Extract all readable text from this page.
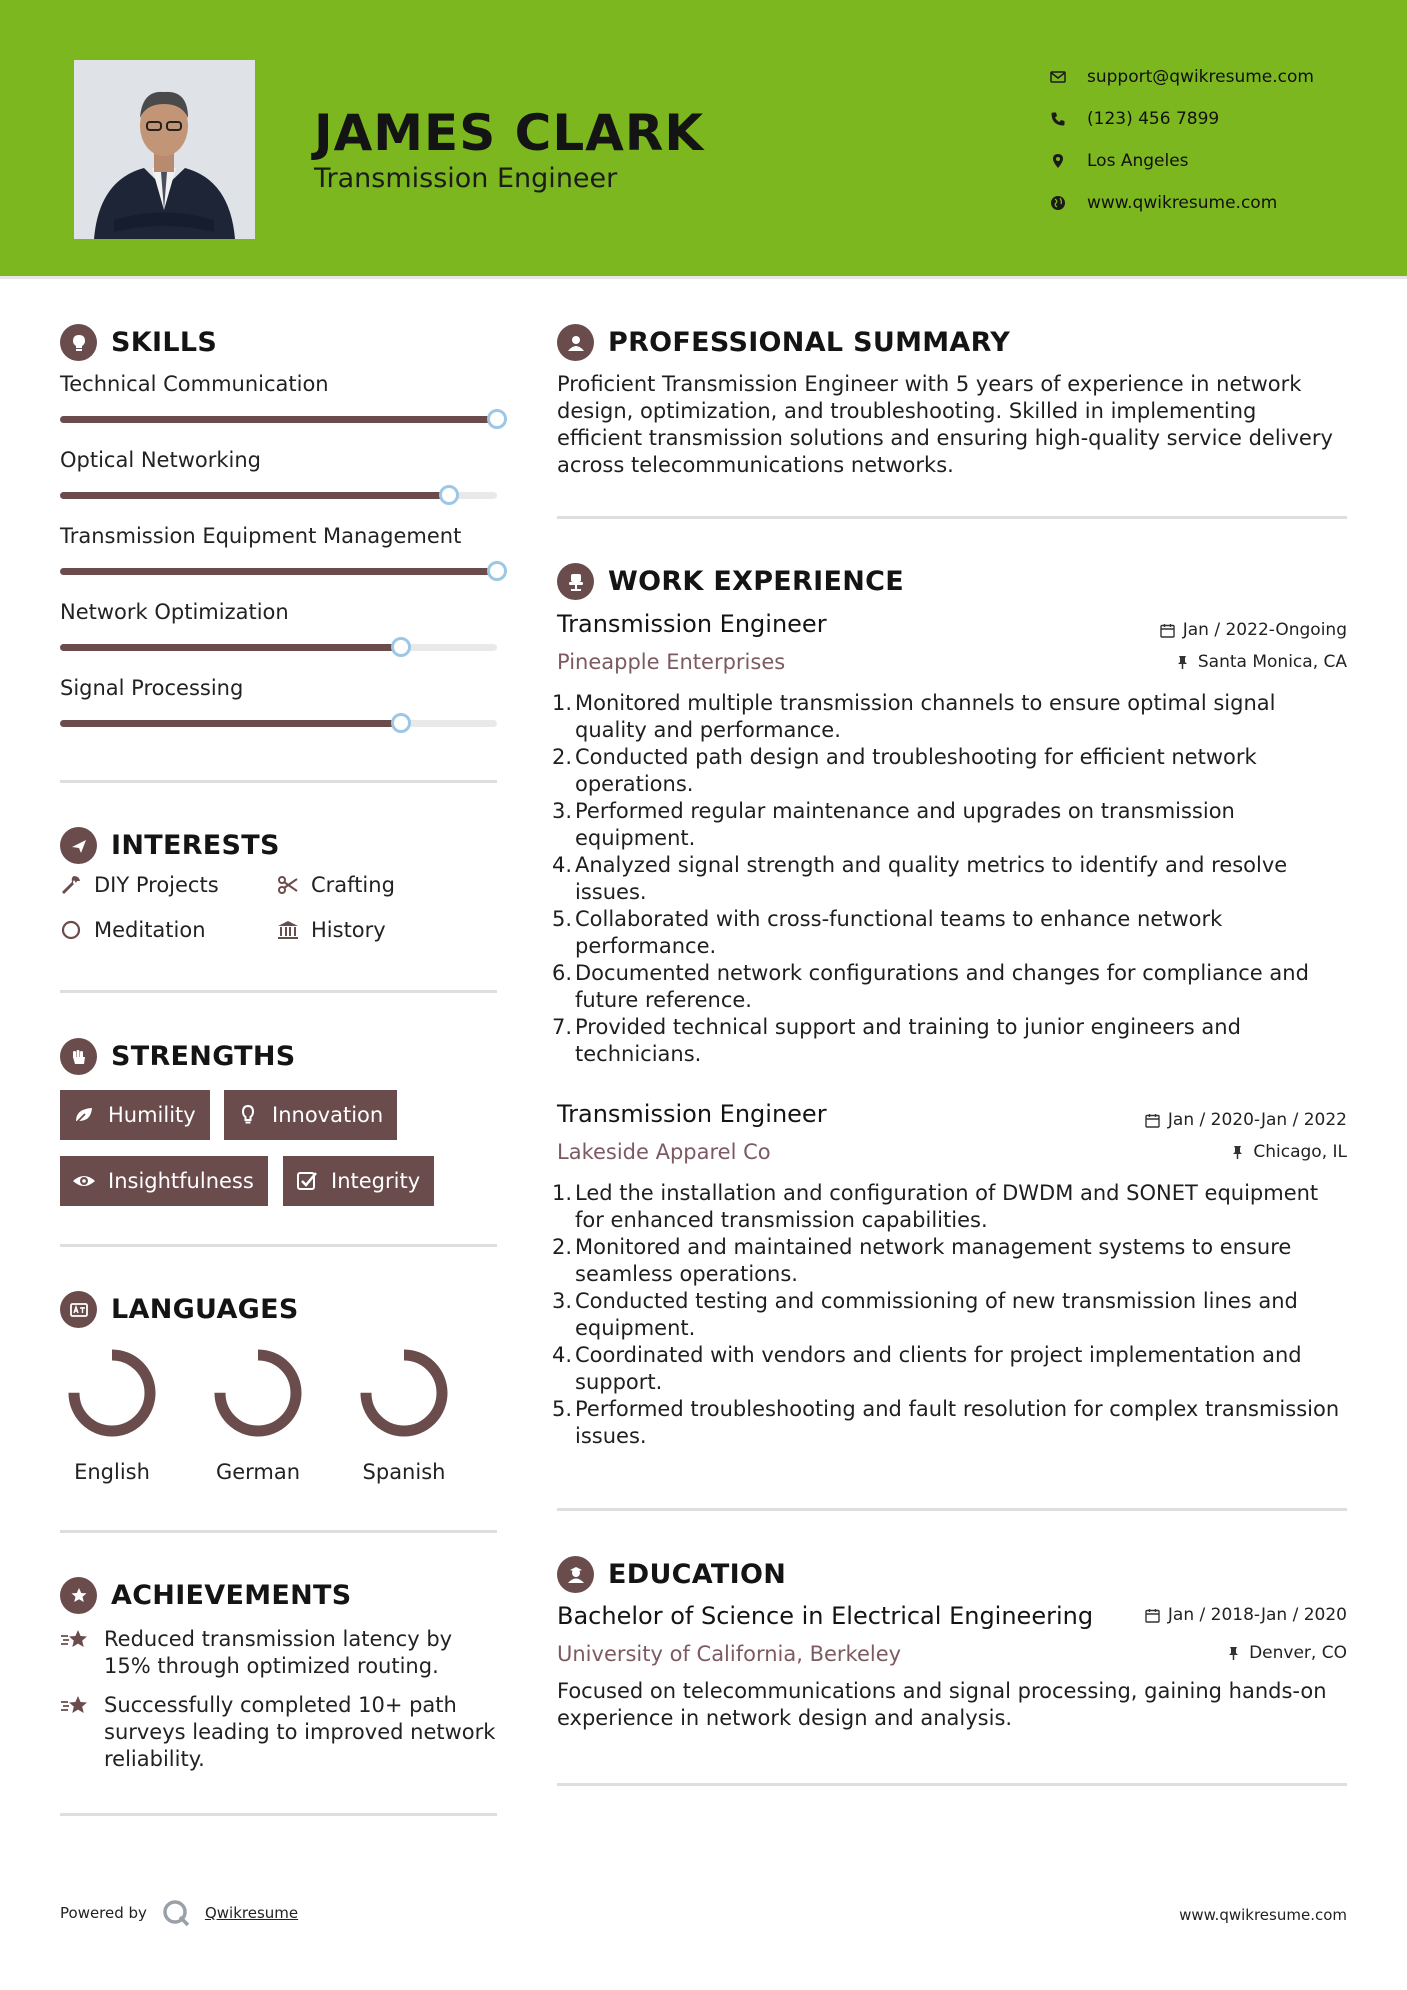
JAMES CLARK
Transmission Engineer
support@qwikresume.com
(123) 456 7899
Los Angeles
www.qwikresume.com
SKILLS
Technical Communication
Optical Networking
Transmission Equipment Management
Network Optimization
Signal Processing
INTERESTS
DIY Projects	Crafting
Meditation	History
STRENGTHS
Humility	Innovation
Insightfulness	Integrity
LANGUAGES
English	German	Spanish
ACHIEVEMENTS
Reduced transmission latency by 15% through optimized routing.
Successfully completed 10+ path surveys leading to improved network reliability.
PROFESSIONAL SUMMARY
Proficient Transmission Engineer with 5 years of experience in network design, optimization, and troubleshooting. Skilled in implementing efficient transmission solutions and ensuring high-quality service delivery across telecommunications networks.
WORK EXPERIENCE
Transmission Engineer	Jan / 2022-Ongoing
Pineapple Enterprises	Santa Monica, CA
1. Monitored multiple transmission channels to ensure optimal signal quality and performance.
2. Conducted path design and troubleshooting for efficient network operations.
3. Performed regular maintenance and upgrades on transmission equipment.
4. Analyzed signal strength and quality metrics to identify and resolve issues.
5. Collaborated with cross-functional teams to enhance network performance.
6. Documented network configurations and changes for compliance and future reference.
7. Provided technical support and training to junior engineers and technicians.
Transmission Engineer	Jan / 2020-Jan / 2022
Lakeside Apparel Co	Chicago, IL
1. Led the installation and configuration of DWDM and SONET equipment for enhanced transmission capabilities.
2. Monitored and maintained network management systems to ensure seamless operations.
3. Conducted testing and commissioning of new transmission lines and equipment.
4. Coordinated with vendors and clients for project implementation and support.
5. Performed troubleshooting and fault resolution for complex transmission issues.
EDUCATION
Bachelor of Science in Electrical Engineering	Jan / 2018-Jan / 2020
University of California, Berkeley	Denver, CO
Focused on telecommunications and signal processing, gaining hands-on experience in network design and analysis.
Powered by	Qwikresume	www.qwikresume.com
